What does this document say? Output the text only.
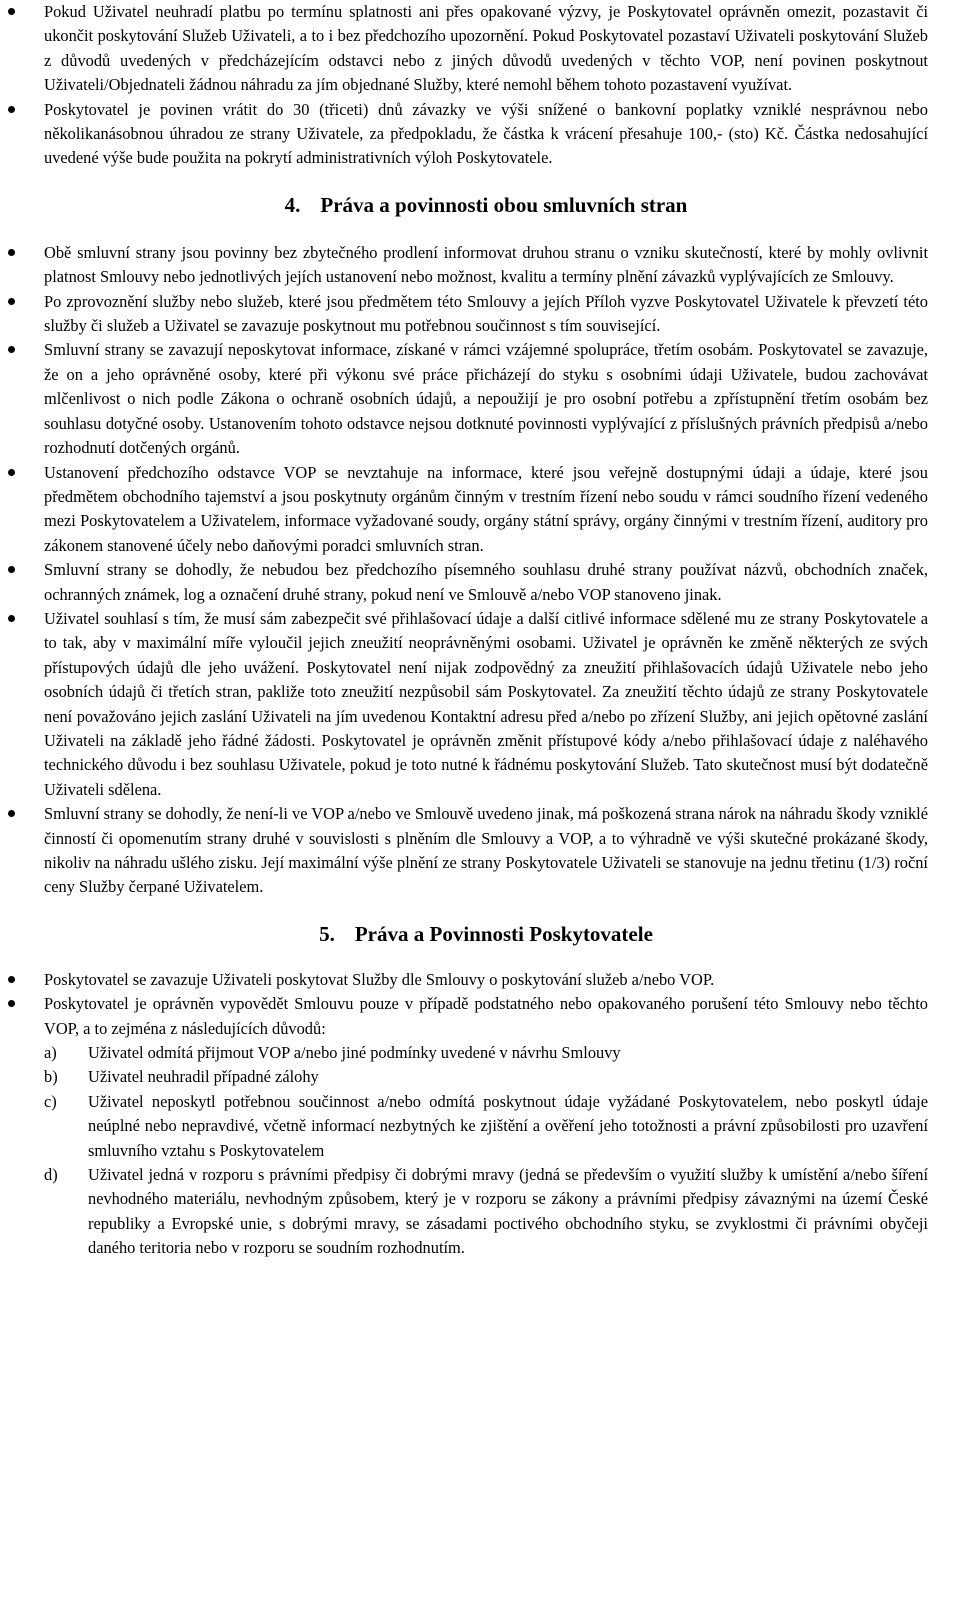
Pokud Uživatel neuhradí platbu po termínu splatnosti ani přes opakované výzvy, je Poskytovatel oprávněn omezit, pozastavit či ukončit poskytování Služeb Uživateli, a to i bez předchozího upozornění. Pokud Poskytovatel pozastaví Uživateli poskytování Služeb z důvodů uvedených v předcházejícím odstavci nebo z jiných důvodů uvedených v těchto VOP, není povinen poskytnout Uživateli/Objednateli žádnou náhradu za jím objednané Služby, které nemohl během tohoto pozastavení využívat.

Poskytovatel je povinen vrátit do 30 (třiceti) dnů závazky ve výši snížené o bankovní poplatky vzniklé nesprávnou nebo několikanásobnou úhradou ze strany Uživatele, za předpokladu, že částka k vrácení přesahuje 100,- (sto) Kč. Částka nedosahující uvedené výše bude použita na pokrytí administrativních výloh Poskytovatele.

4. Práva a povinnosti obou smluvních stran

Obě smluvní strany jsou povinny bez zbytečného prodlení informovat druhou stranu o vzniku skutečností, které by mohly ovlivnit platnost Smlouvy nebo jednotlivých jejích ustanovení nebo možnost, kvalitu a termíny plnění závazků vyplývajících ze Smlouvy.

Po zprovoznění služby nebo služeb, které jsou předmětem této Smlouvy a jejích Příloh vyzve Poskytovatel Uživatele k převzetí této služby či služeb a Uživatel se zavazuje poskytnout mu potřebnou součinnost s tím související.

Smluvní strany se zavazují neposkytovat informace, získané v rámci vzájemné spolupráce, třetím osobám. Poskytovatel se zavazuje, že on a jeho oprávněné osoby, které při výkonu své práce přicházejí do styku s osobními údaji Uživatele, budou zachovávat mlčenlivost o nich podle Zákona o ochraně osobních údajů, a nepoužijí je pro osobní potřebu a zpřístupnění třetím osobám bez souhlasu dotyčné osoby. Ustanovením tohoto odstavce nejsou dotknuté povinnosti vyplývající z příslušných právních předpisů a/nebo rozhodnutí dotčených orgánů.

Ustanovení předchozího odstavce VOP se nevztahuje na informace, které jsou veřejně dostupnými údaji a údaje, které jsou předmětem obchodního tajemství a jsou poskytnuty orgánům činným v trestním řízení nebo soudu v rámci soudního řízení vedeného mezi Poskytovatelem a Uživatelem, informace vyžadované soudy, orgány státní správy, orgány činnými v trestním řízení, auditory pro zákonem stanovené účely nebo daňovými poradci smluvních stran.

Smluvní strany se dohodly, že nebudou bez předchozího písemného souhlasu druhé strany používat názvů, obchodních značek, ochranných známek, log a označení druhé strany, pokud není ve Smlouvě a/nebo VOP stanoveno jinak.

Uživatel souhlasí s tím, že musí sám zabezpečit své přihlašovací údaje a další citlivé informace sdělené mu ze strany Poskytovatele a to tak, aby v maximální míře vyloučil jejich zneužití neoprávněnými osobami. Uživatel je oprávněn ke změně některých ze svých přístupových údajů dle jeho uvážení. Poskytovatel není nijak zodpovědný za zneužití přihlašovacích údajů Uživatele nebo jeho osobních údajů či třetích stran, pakliže toto zneužití nezpůsobil sám Poskytovatel. Za zneužití těchto údajů ze strany Poskytovatele není považováno jejich zaslání Uživateli na jím uvedenou Kontaktní adresu před a/nebo po zřízení Služby, ani jejich opětovné zaslání Uživateli na základě jeho řádné žádosti. Poskytovatel je oprávněn změnit přístupové kódy a/nebo přihlašovací údaje z naléhavého technického důvodu i bez souhlasu Uživatele, pokud je toto nutné k řádnému poskytování Služeb. Tato skutečnost musí být dodatečně Uživateli sdělena.

Smluvní strany se dohodly, že není-li ve VOP a/nebo ve Smlouvě uvedeno jinak, má poškozená strana nárok na náhradu škody vzniklé činností či opomenutím strany druhé v souvislosti s plněním dle Smlouvy a VOP, a to výhradně ve výši skutečné prokázané škody, nikoliv na náhradu ušlého zisku. Její maximální výše plnění ze strany Poskytovatele Uživateli se stanovuje na jednu třetinu (1/3) roční ceny Služby čerpané Uživatelem.

5. Práva a Povinnosti Poskytovatele

Poskytovatel se zavazuje Uživateli poskytovat Služby dle Smlouvy o poskytování služeb a/nebo VOP.

Poskytovatel je oprávněn vypovědět Smlouvu pouze v případě podstatného nebo opakovaného porušení této Smlouvy nebo těchto VOP, a to zejména z následujících důvodů:

a) Uživatel odmítá přijmout VOP a/nebo jiné podmínky uvedené v návrhu Smlouvy
b) Uživatel neuhradil případné zálohy
c) Uživatel neposkytl potřebnou součinnost a/nebo odmítá poskytnout údaje vyžádané Poskytovatelem, nebo poskytl údaje neúplné nebo nepravdivé, včetně informací nezbytných ke zjištění a ověření jeho totožnosti a právní způsobilosti pro uzavření smluvního vztahu s Poskytovatelem
d) Uživatel jedná v rozporu s právními předpisy či dobrými mravy (jedná se především o využití služby k umístění a/nebo šíření nevhodného materiálu, nevhodným způsobem, který je v rozporu se zákony a právními předpisy závaznými na území České republiky a Evropské unie, s dobrými mravy, se zásadami poctivého obchodního styku, se zvyklostmi či právními obyčeji daného teritoria nebo v rozporu se soudním rozhodnutím.
